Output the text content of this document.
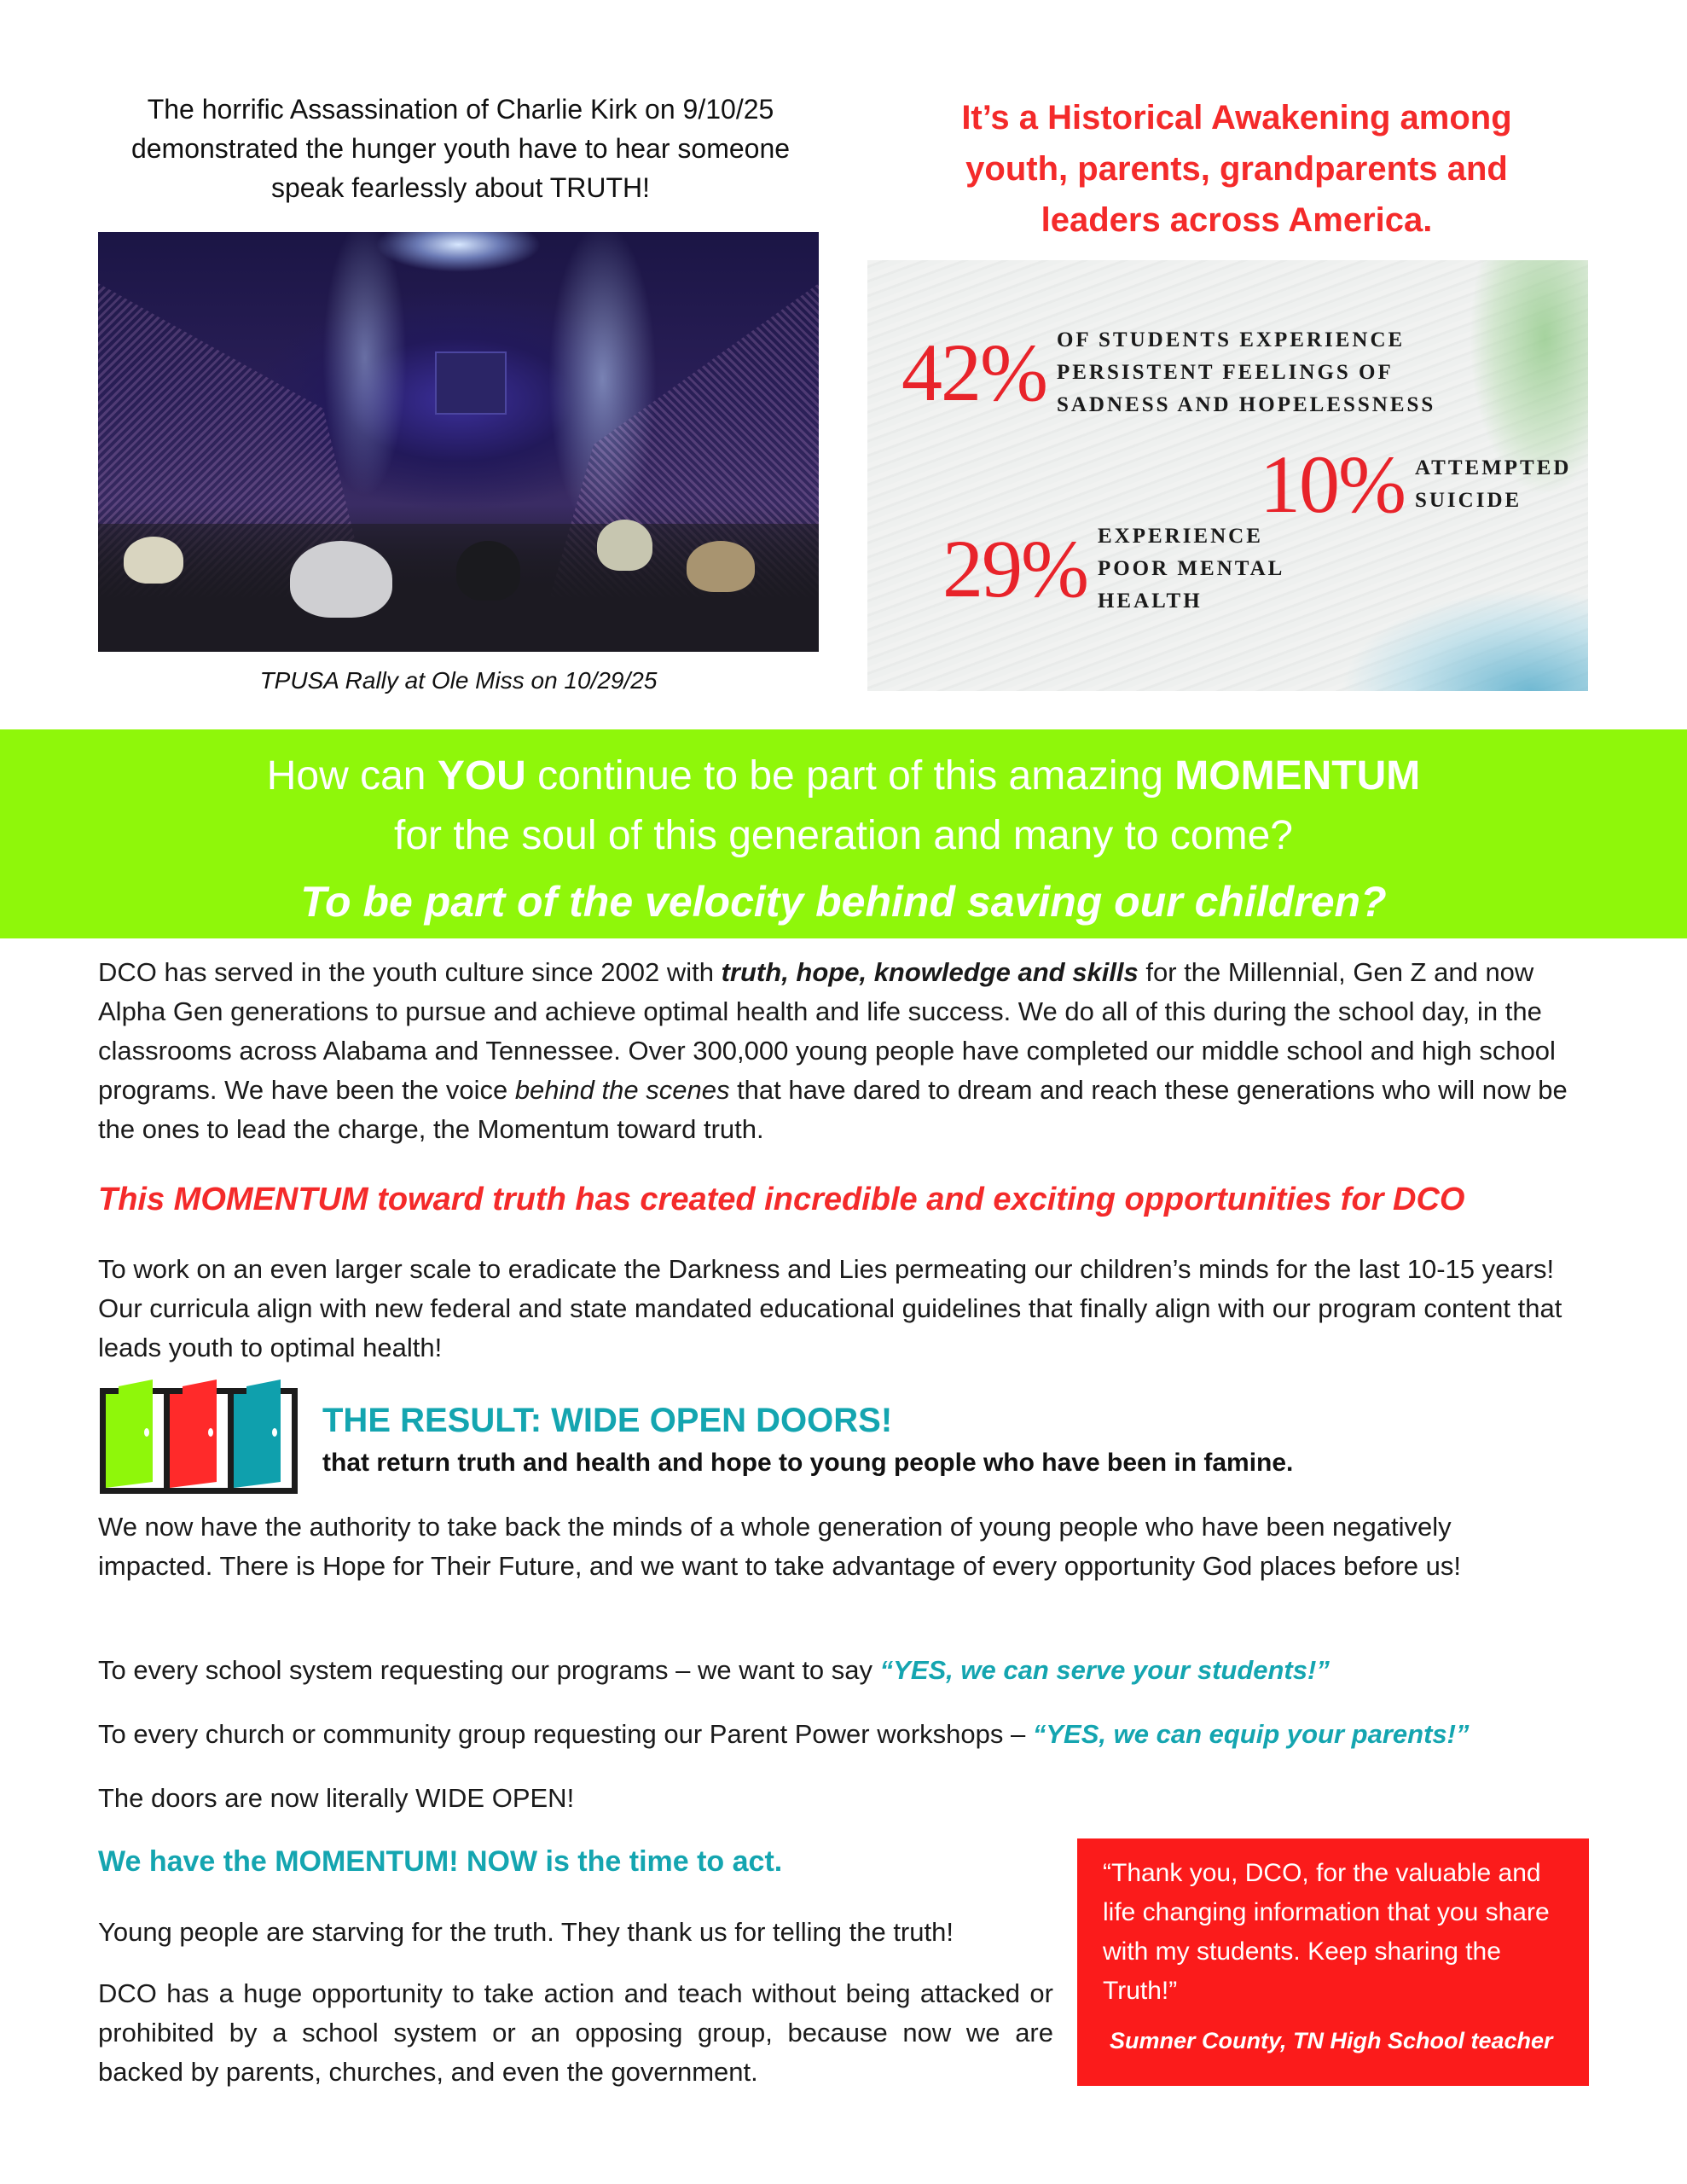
The horrific Assassination of Charlie Kirk on 9/10/25
demonstrated the hunger youth have to hear someone
speak fearlessly about TRUTH!
TPUSA Rally at Ole Miss on 10/29/25
It’s a Historical Awakening among
youth, parents, grandparents and
leaders across America.
42% OF STUDENTS EXPERIENCE
PERSISTENT FEELINGS OF
SADNESS AND HOPELESSNESS
10% ATTEMPTED
SUICIDE
29% EXPERIENCE
POOR MENTAL
HEALTH
How can YOU continue to be part of this amazing MOMENTUM
for the soul of this generation and many to come?
To be part of the velocity behind saving our children?
DCO has served in the youth culture since 2002 with truth, hope, knowledge and skills for the Millennial, Gen Z and now Alpha Gen generations to pursue and achieve optimal health and life success. We do all of this during the school day, in the classrooms across Alabama and Tennessee. Over 300,000 young people have completed our middle school and high school programs. We have been the voice behind the scenes that have dared to dream and reach these generations who will now be the ones to lead the charge, the Momentum toward truth.
This MOMENTUM toward truth has created incredible and exciting opportunities for DCO
To work on an even larger scale to eradicate the Darkness and Lies permeating our children’s minds for the last 10-15 years! Our curricula align with new federal and state mandated educational guidelines that finally align with our program content that leads youth to optimal health!
THE RESULT: WIDE OPEN DOORS!
that return truth and health and hope to young people who have been in famine.
We now have the authority to take back the minds of a whole generation of young people who have been negatively impacted. There is Hope for Their Future, and we want to take advantage of every opportunity God places before us!
To every school system requesting our programs – we want to say “YES, we can serve your students!”
To every church or community group requesting our Parent Power workshops – “YES, we can equip your parents!”
The doors are now literally WIDE OPEN!
We have the MOMENTUM! NOW is the time to act.
Young people are starving for the truth. They thank us for telling the truth!
DCO has a huge opportunity to take action and teach without being attacked or prohibited by a school system or an opposing group, because now we are backed by parents, churches, and even the government.
“Thank you, DCO, for the valuable and life changing information that you share with my students. Keep sharing the Truth!”
Sumner County, TN High School teacher
